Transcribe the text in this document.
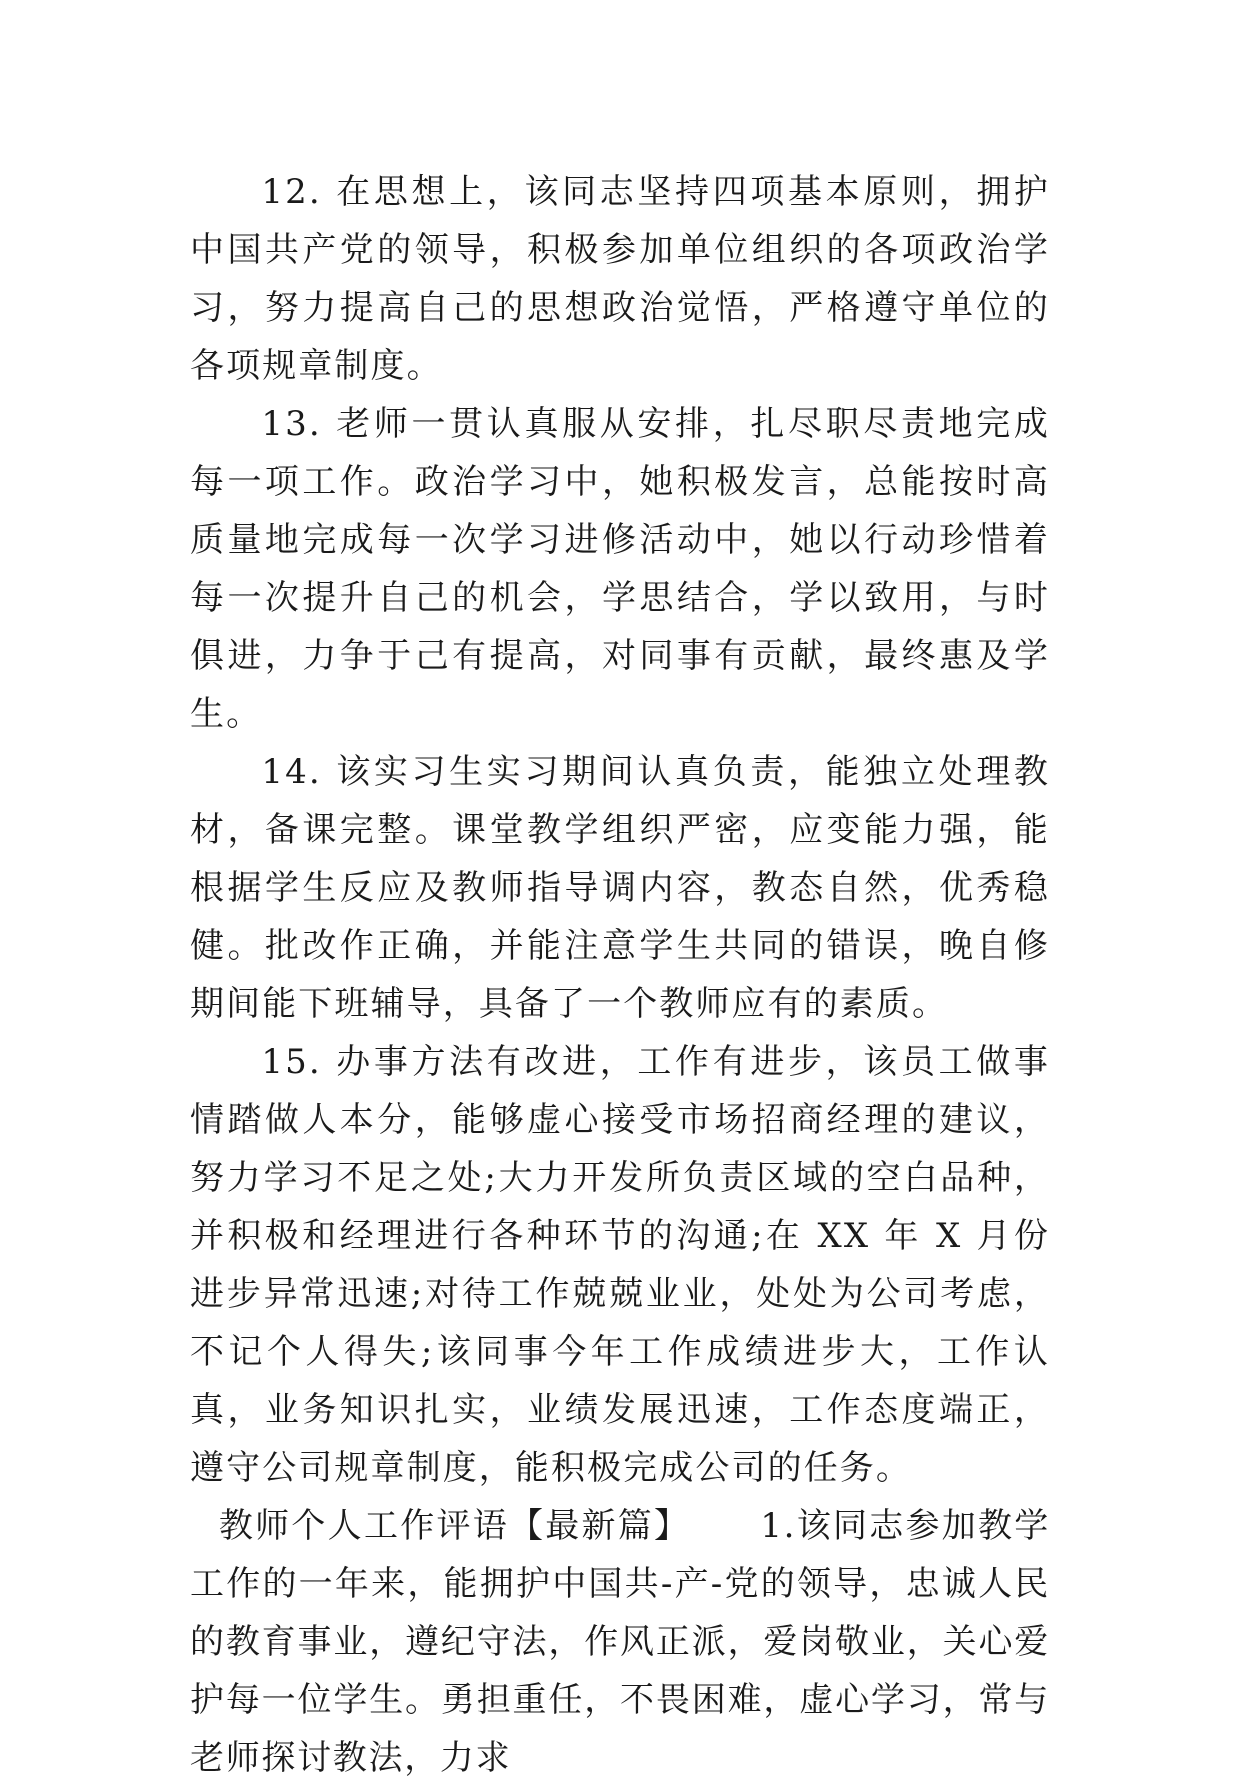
12. 在思想上，该同志坚持四项基本原则，拥护中国共产党的领导，积极参加单位组织的各项政治学习，努力提高自己的思想政治觉悟，严格遵守单位的各项规章制度。

13. 老师一贯认真服从安排，扎尽职尽责地完成每一项工作。政治学习中，她积极发言，总能按时高质量地完成每一次学习进修活动中，她以行动珍惜着每一次提升自己的机会，学思结合，学以致用，与时俱进，力争于己有提高，对同事有贡献，最终惠及学生。

14. 该实习生实习期间认真负责，能独立处理教材，备课完整。课堂教学组织严密，应变能力强，能根据学生反应及教师指导调内容，教态自然，优秀稳健。批改作正确，并能注意学生共同的错误，晚自修期间能下班辅导，具备了一个教师应有的素质。

15. 办事方法有改进，工作有进步，该员工做事情踏做人本分，能够虚心接受市场招商经理的建议，努力学习不足之处;大力开发所负责区域的空白品种，并积极和经理进行各种环节的沟通;在 XX 年 X 月份进步异常迅速;对待工作兢兢业业，处处为公司考虑，不记个人得失;该同事今年工作成绩进步大，工作认真，业务知识扎实，业绩发展迅速，工作态度端正，遵守公司规章制度，能积极完成公司的任务。

教师个人工作评语【最新篇】 1.该同志参加教学工作的一年来，能拥护中国共-产-党的领导，忠诚人民的教育事业，遵纪守法，作风正派，爱岗敬业，关心爱护每一位学生。勇担重任，不畏困难，虚心学习，常与老师探讨教法，力求
